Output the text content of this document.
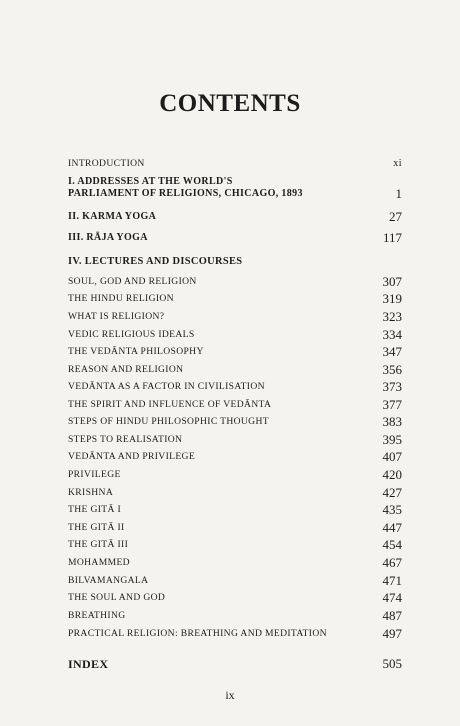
CONTENTS
INTRODUCTION	xi
I. ADDRESSES AT THE WORLD'S
PARLIAMENT OF RELIGIONS, CHICAGO, 1893	1
II. KARMA YOGA	27
III. RĀJA YOGA	117
IV. LECTURES AND DISCOURSES
SOUL, GOD AND RELIGION	307
THE HINDU RELIGION	319
WHAT IS RELIGION?	323
VEDIC RELIGIOUS IDEALS	334
THE VEDĀNTA PHILOSOPHY	347
REASON AND RELIGION	356
VEDĀNTA AS A FACTOR IN CIVILISATION	373
THE SPIRIT AND INFLUENCE OF VEDĀNTA	377
STEPS OF HINDU PHILOSOPHIC THOUGHT	383
STEPS TO REALISATION	395
VEDĀNTA AND PRIVILEGE	407
PRIVILEGE	420
KRISHNA	427
THE GITĀ I	435
THE GITĀ II	447
THE GITĀ III	454
MOHAMMED	467
BILVAMANGALA	471
THE SOUL AND GOD	474
BREATHING	487
PRACTICAL RELIGION: BREATHING AND MEDITATION	497
INDEX	505
ix
